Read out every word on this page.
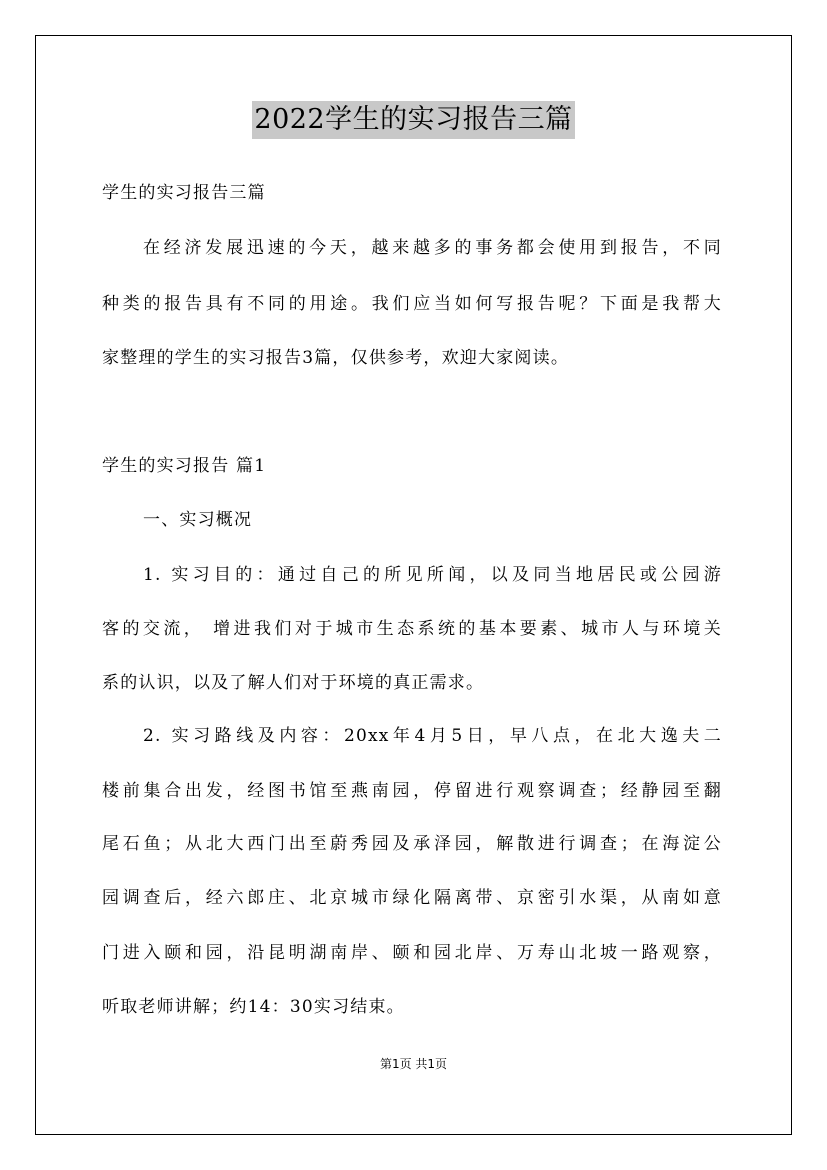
2022学生的实习报告三篇
学生的实习报告三篇
在经济发展迅速的今天，越来越多的事务都会使用到报告，不同
种类的报告具有不同的用途。我们应当如何写报告呢？下面是我帮大
家整理的学生的实习报告3篇，仅供参考，欢迎大家阅读。
学生的实习报告 篇1
一、实习概况
1. 实习目的：通过自己的所见所闻，以及同当地居民或公园游
客的交流， 增进我们对于城市生态系统的基本要素、城市人与环境关
系的认识，以及了解人们对于环境的真正需求。
2. 实习路线及内容：20xx年4月5日，早八点，在北大逸夫二
楼前集合出发，经图书馆至燕南园，停留进行观察调查；经静园至翻
尾石鱼；从北大西门出至蔚秀园及承泽园，解散进行调查；在海淀公
园调查后，经六郎庄、北京城市绿化隔离带、京密引水渠，从南如意
门进入颐和园，沿昆明湖南岸、颐和园北岸、万寿山北坡一路观察，
听取老师讲解；约14：30实习结束。
第1页 共1页
